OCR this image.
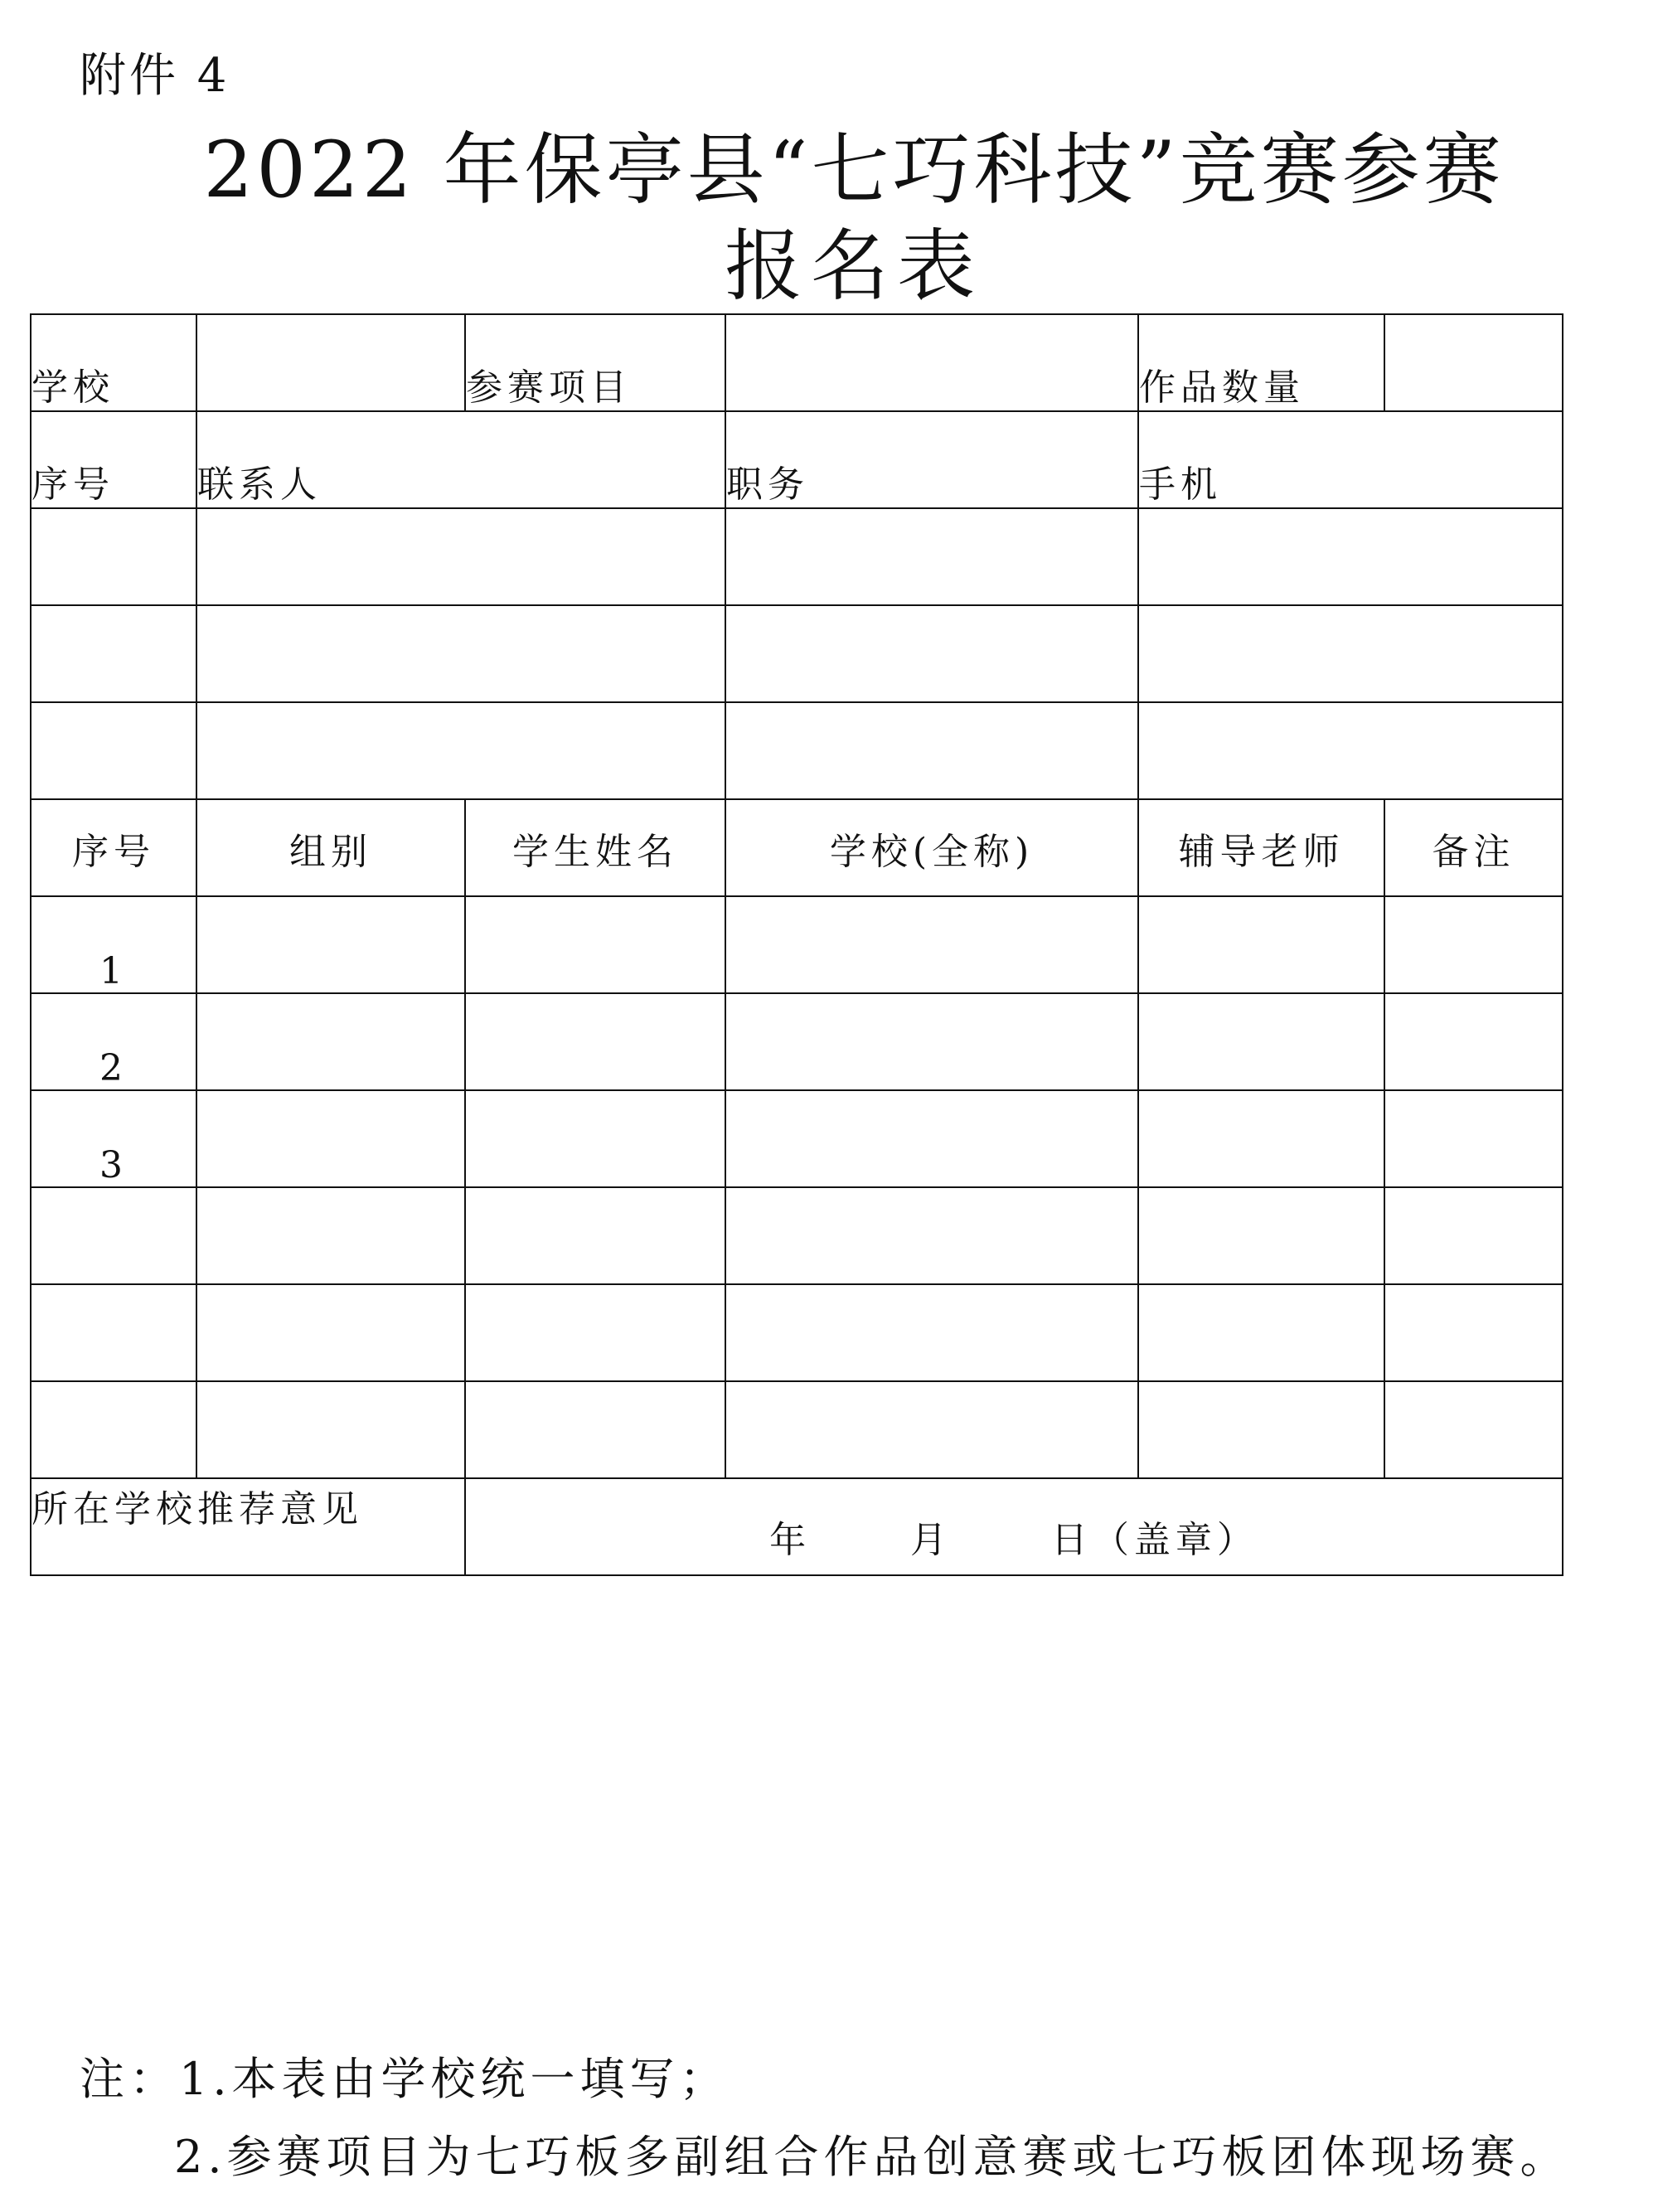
附件 4
2022 年保亭县“七巧科技”竞赛参赛
报名表
学校		参赛项目		作品数量	
序号	联系人		职务	手机	

序号	组别	学生姓名	学校(全称)	辅导老师	备注
1					
2					
3					

所在学校推荐意见		年      月      日（盖章）			
注：1.本表由学校统一填写；
2.参赛项目为七巧板多副组合作品创意赛或七巧板团体现场赛。
